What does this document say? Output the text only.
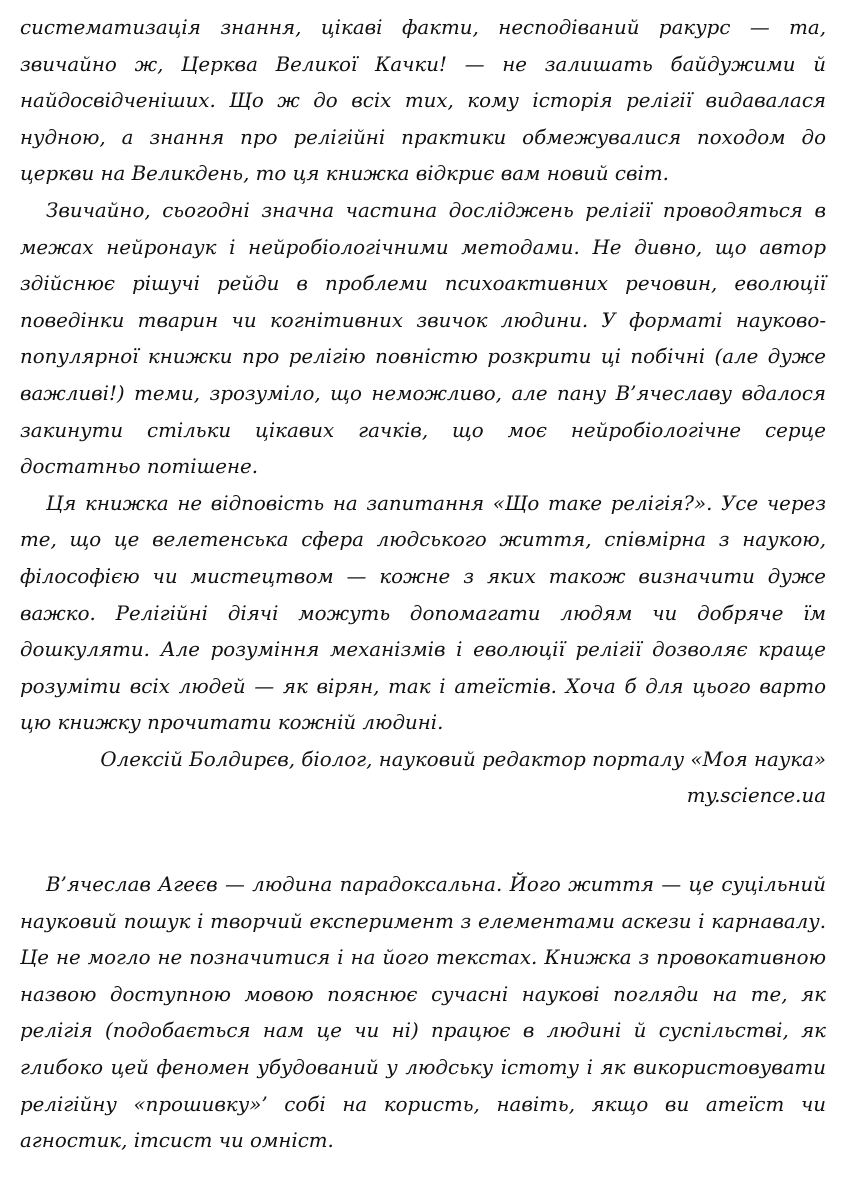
систематизація знання, цікаві факти, несподіваний ракурс — та, звичайно ж, Церква Великої Качки! — не залишать байдужими й найдосвідченіших. Що ж до всіх тих, кому історія релігії видавалася нудною, а знання про релігійні практики обмежувалися походом до церкви на Великдень, то ця книжка відкриє вам новий світ.

Звичайно, сьогодні значна частина досліджень релігії проводяться в межах нейронаук і нейробіологічними методами. Не дивно, що автор здійснює рішучі рейди в проблеми психоактивних речовин, еволюції поведінки тварин чи когнітивних звичок людини. У форматі науково-популярної книжки про релігію повністю розкрити ці побічні (але дуже важливі!) теми, зрозуміло, що неможливо, але пану В’ячеславу вдалося закинути стільки цікавих гачків, що моє нейробіологічне серце достатньо потішене.

Ця книжка не відповість на запитання «Що таке релігія?». Усе через те, що це велетенська сфера людського життя, співмірна з наукою, філософією чи мистецтвом — кожне з яких також визначити дуже важко. Релігійні діячі можуть допомагати людям чи добряче їм дошкуляти. Але розуміння механізмів і еволюції релігії дозволяє краще розуміти всіх людей — як вірян, так і атеїстів. Хоча б для цього варто цю книжку прочитати кожній людині.

Олексій Болдирєв, біолог, науковий редактор порталу «Моя наука»

my.science.ua

В’ячеслав Агеєв — людина парадоксальна. Його життя — це суцільний науковий пошук і творчий експеримент з елементами аскези і карнавалу. Це не могло не позначитися і на його текстах. Книжка з провокативною назвою доступною мовою пояснює сучасні наукові погляди на те, як релігія (подобається нам це чи ні) працює в людині й суспільстві, як глибоко цей феномен убудований у людську істоту і як використовувати релігійну «прошивку»’ собі на користь, навіть, якщо ви атеїст чи агностик, ітсист чи омніст.
